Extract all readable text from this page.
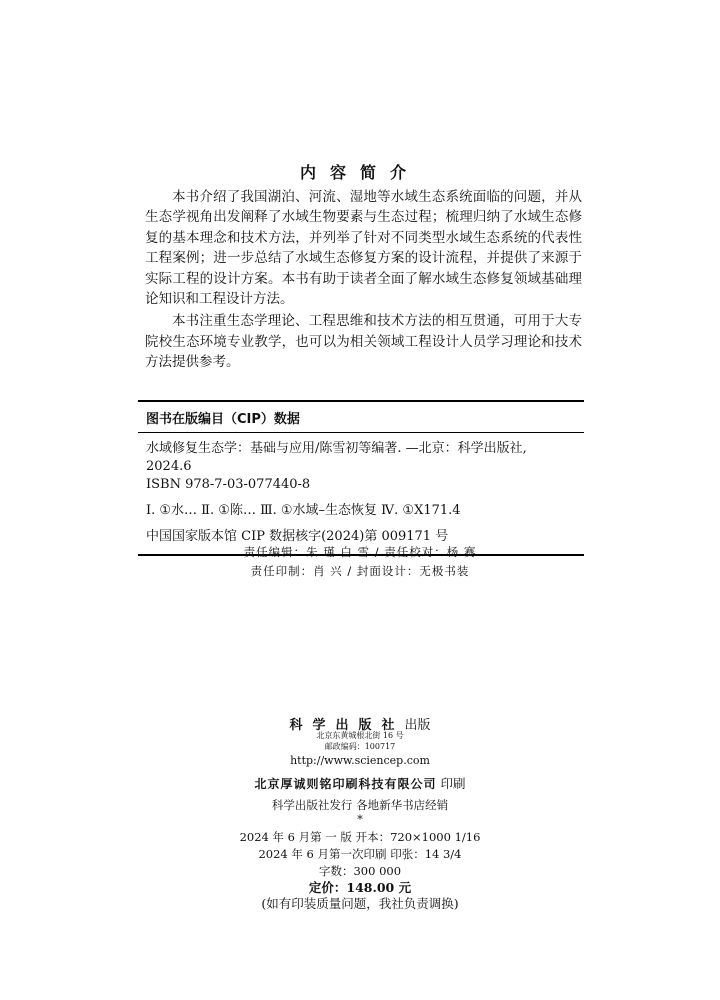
内容简介

本书介绍了我国湖泊、河流、湿地等水域生态系统面临的问题，并从生态学视角出发阐释了水域生物要素与生态过程；梳理归纳了水域生态修复的基本理念和技术方法，并列举了针对不同类型水域生态系统的代表性工程案例；进一步总结了水域生态修复方案的设计流程，并提供了来源于实际工程的设计方案。本书有助于读者全面了解水域生态修复领域基础理论知识和工程设计方法。

本书注重生态学理论、工程思维和技术方法的相互贯通，可用于大专院校生态环境专业教学，也可以为相关领域工程设计人员学习理论和技术方法提供参考。

图书在版编目（CIP）数据
水域修复生态学：基础与应用/陈雪初等编著. —北京：科学出版社, 2024.6
ISBN 978-7-03-077440-8
Ⅰ. ①水… Ⅱ. ①陈… Ⅲ. ①水域–生态恢复 Ⅳ. ①X171.4
中国国家版本馆 CIP 数据核字(2024)第 009171 号
责任编辑：朱 瑾 白 雪 / 责任校对：杨 赛
责任印制：肖 兴 / 封面设计：无极书装
科学出版社出版
北京东黄城根北街 16 号
邮政编码：100717
http://www.sciencep.com
北京厚诚则铭印刷科技有限公司 印刷
科学出版社发行 各地新华书店经销
*
2024 年 6 月第 一 版 开本：720×1000 1/16
2024 年 6 月第一次印刷 印张：14 3/4
字数：300 000
定价：148.00 元
(如有印装质量问题，我社负责调换)
